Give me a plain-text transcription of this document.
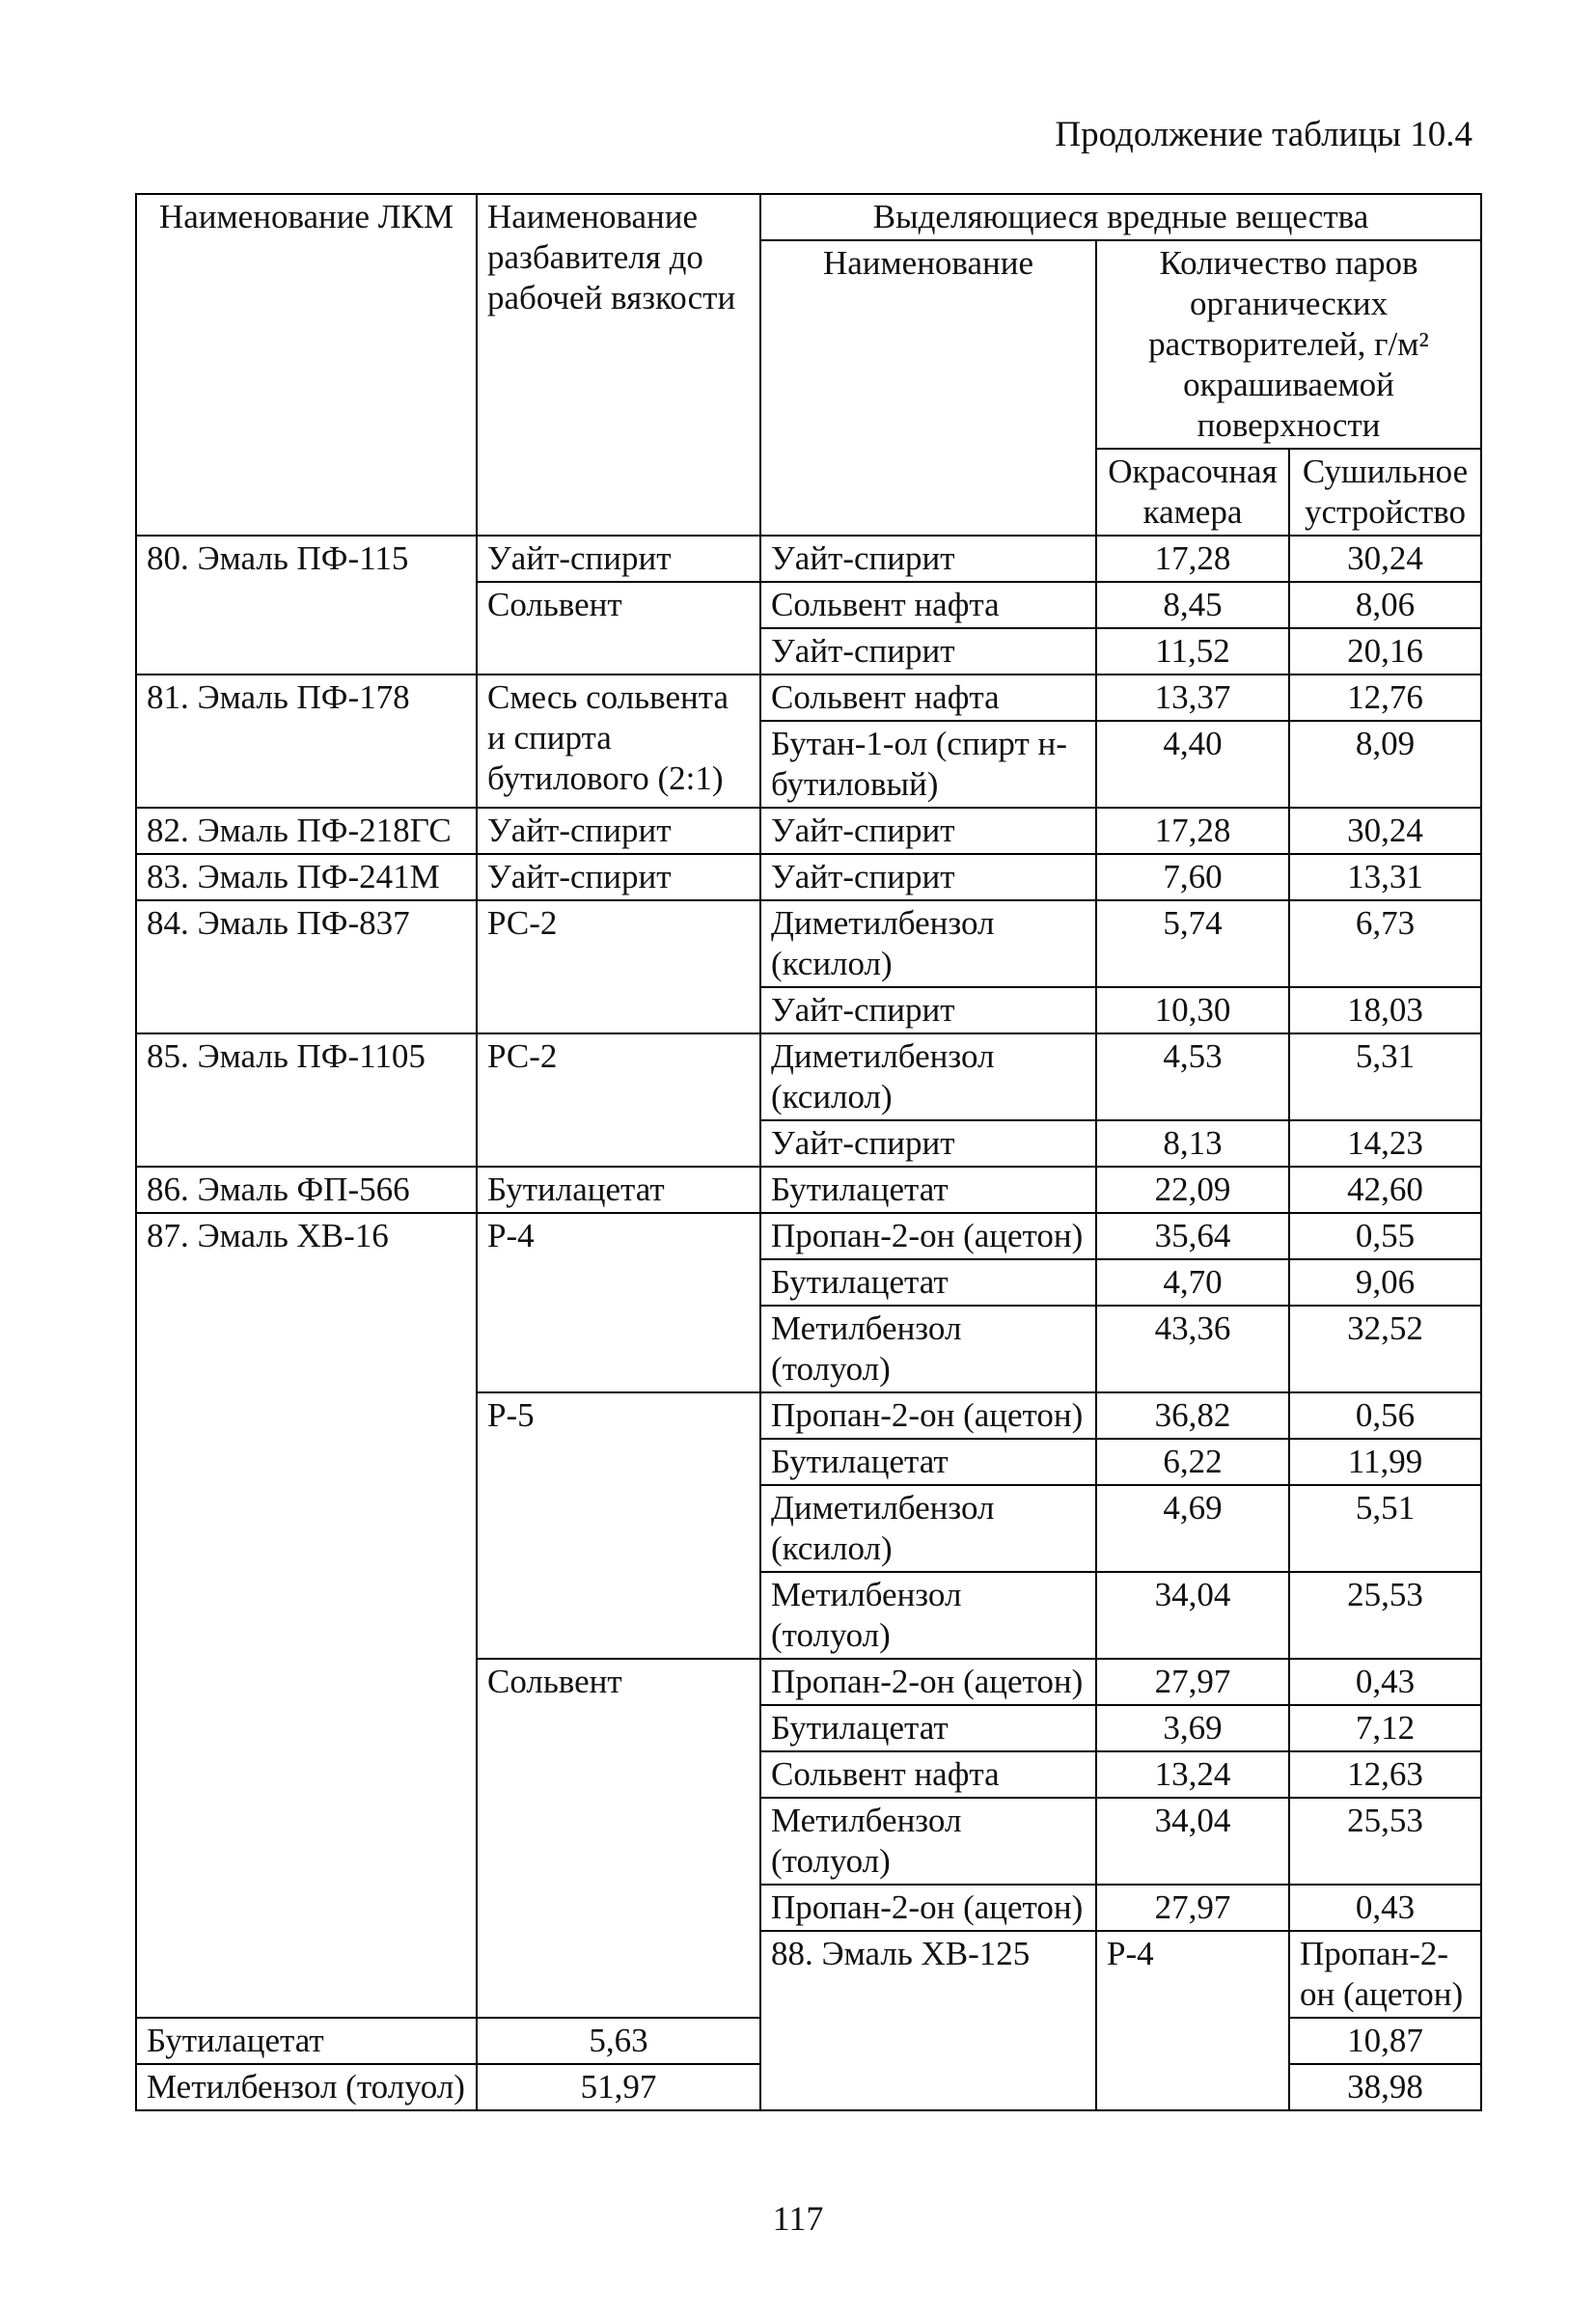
Продолжение таблицы 10.4
Наименование ЛКМ	Наименование разбавителя до рабочей вязкости	Выделяющиеся вредные вещества			
		Наименование	Количество паров органических растворителей, г/м² окрашиваемой поверхности		
			Окрасочная камера	Сушильное устройство	
80. Эмаль ПФ-115	Уайт-спирит	Уайт-спирит	17,28	30,24	
	Сольвент	Сольвент нафта	8,45	8,06	
		Уайт-спирит	11,52	20,16	
81. Эмаль ПФ-178	Смесь сольвента и спирта бутилового (2:1)	Сольвент нафта	13,37	12,76	
		Бутан-1-ол (спирт н-бутиловый)	4,40	8,09	
82. Эмаль ПФ-218ГС	Уайт-спирит	Уайт-спирит	17,28	30,24	
83. Эмаль ПФ-241М	Уайт-спирит	Уайт-спирит	7,60	13,31	
84. Эмаль ПФ-837	РС-2	Диметилбензол (ксилол)	5,74	6,73	
		Уайт-спирит	10,30	18,03	
85. Эмаль ПФ-1105	РС-2	Диметилбензол (ксилол)	4,53	5,31	
		Уайт-спирит	8,13	14,23	
86. Эмаль ФП-566	Бутилацетат	Бутилацетат	22,09	42,60	
87. Эмаль ХВ-16	Р-4	Пропан-2-он (ацетон)	35,64	0,55	
		Бутилацетат	4,70	9,06	
		Метилбензол (толуол)	43,36	32,52	
	Р-5	Пропан-2-он (ацетон)	36,82	0,56	
		Бутилацетат	6,22	11,99	
		Диметилбензол (ксилол)	4,69	5,51	
		Метилбензол (толуол)	34,04	25,53	
	Сольвент	Пропан-2-он (ацетон)	27,97	0,43	
		Бутилацетат	3,69	7,12	
		Сольвент нафта	13,24	12,63	
		Метилбензол (толуол)	34,04	25,53	
		Пропан-2-он (ацетон)	27,97	0,43	
		88. Эмаль ХВ-125	Р-4	Пропан-2-он (ацетон)		
Бутилацетат	5,63			10,87	
Метилбензол (толуол)	51,97			38,98	
117
